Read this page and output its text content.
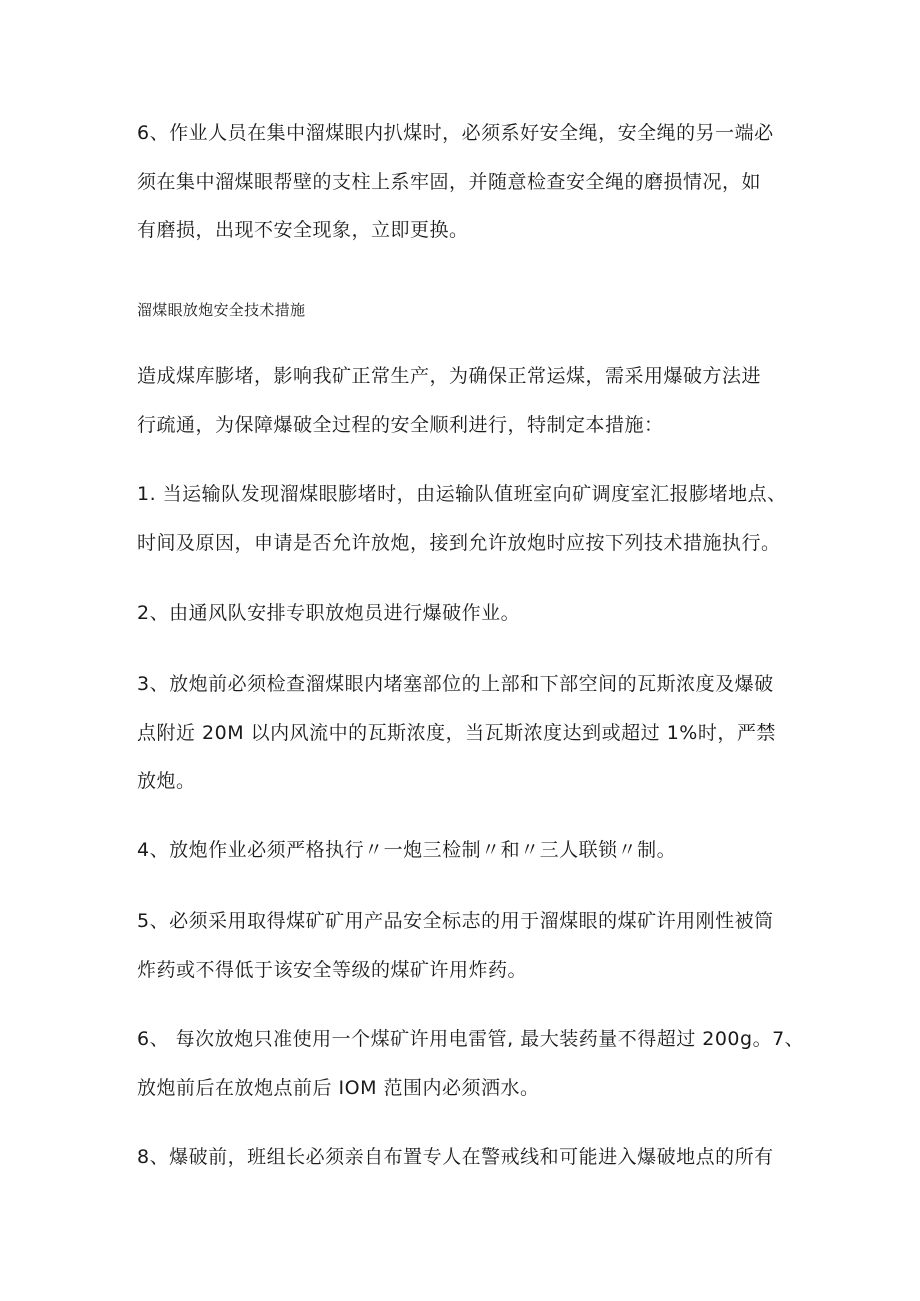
6、作业人员在集中溜煤眼内扒煤时，必须系好安全绳，安全绳的另一端必
须在集中溜煤眼帮壁的支柱上系牢固，并随意检查安全绳的磨损情况，如
有磨损，出现不安全现象，立即更换。

溜煤眼放炮安全技术措施

造成煤库膨堵，影响我矿正常生产，为确保正常运煤，需采用爆破方法进
行疏通，为保障爆破全过程的安全顺利进行，特制定本措施：

1. 当运输队发现溜煤眼膨堵时，由运输队值班室向矿调度室汇报膨堵地点、
时间及原因，申请是否允许放炮，接到允许放炮时应按下列技术措施执行。

2、由通风队安排专职放炮员进行爆破作业。

3、放炮前必须检查溜煤眼内堵塞部位的上部和下部空间的瓦斯浓度及爆破
点附近 20M 以内风流中的瓦斯浓度，当瓦斯浓度达到或超过 1%时，严禁
放炮。

4、放炮作业必须严格执行〃一炮三检制〃和〃三人联锁〃制。

5、必须采用取得煤矿矿用产品安全标志的用于溜煤眼的煤矿许用刚性被筒
炸药或不得低于该安全等级的煤矿许用炸药。

6、 每次放炮只准使用一个煤矿许用电雷管, 最大装药量不得超过 200g。7、
放炮前后在放炮点前后 IOM 范围内必须洒水。

8、爆破前，班组长必须亲自布置专人在警戒线和可能进入爆破地点的所有
